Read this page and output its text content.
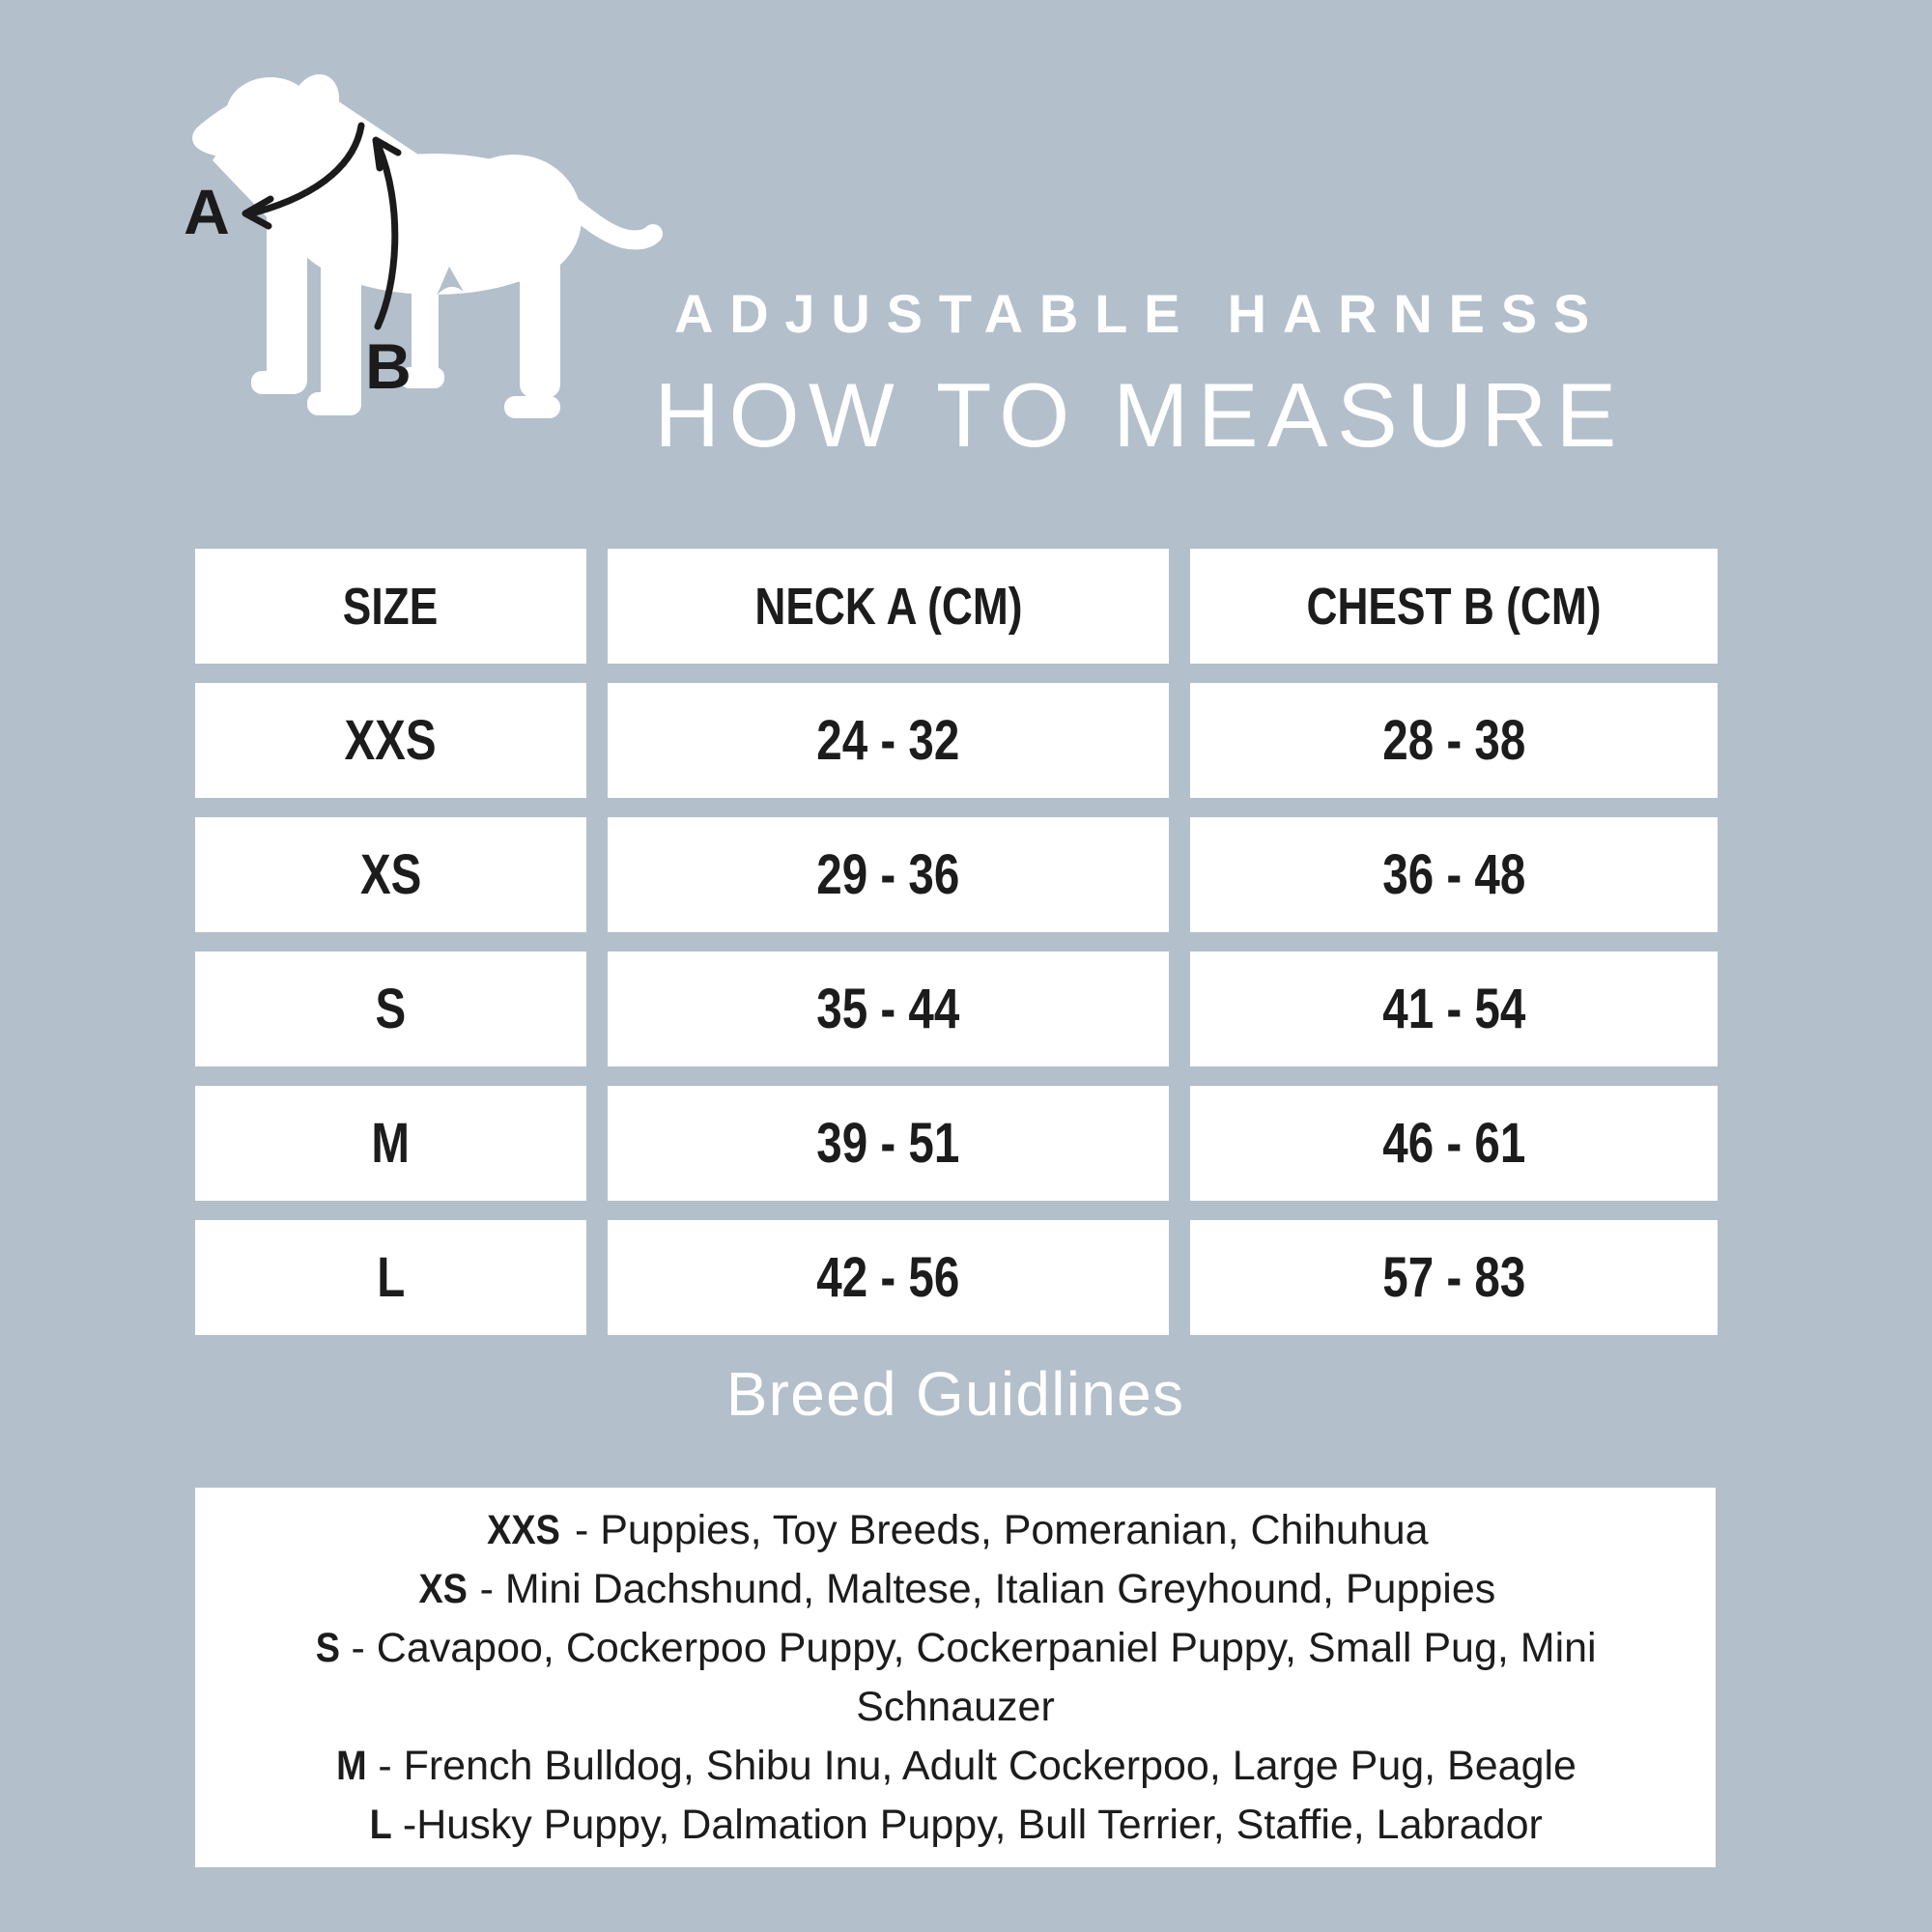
A
B
ADJUSTABLE HARNESS
HOW TO MEASURE
SIZE	NECK A (CM)	CHEST B (CM)
XXS	24 - 32	28 - 38
XS	29 - 36	36 - 48
S	35 - 44	41 - 54
M	39 - 51	46 - 61
L	42 - 56	57 - 83
Breed Guidlines
XXS - Puppies, Toy Breeds, Pomeranian, Chihuhua
XS - Mini Dachshund, Maltese, Italian Greyhound, Puppies
S - Cavapoo, Cockerpoo Puppy, Cockerpaniel Puppy, Small Pug, Mini Schnauzer
M - French Bulldog, Shibu Inu, Adult Cockerpoo, Large Pug, Beagle
L -Husky Puppy, Dalmation Puppy, Bull Terrier, Staffie, Labrador
